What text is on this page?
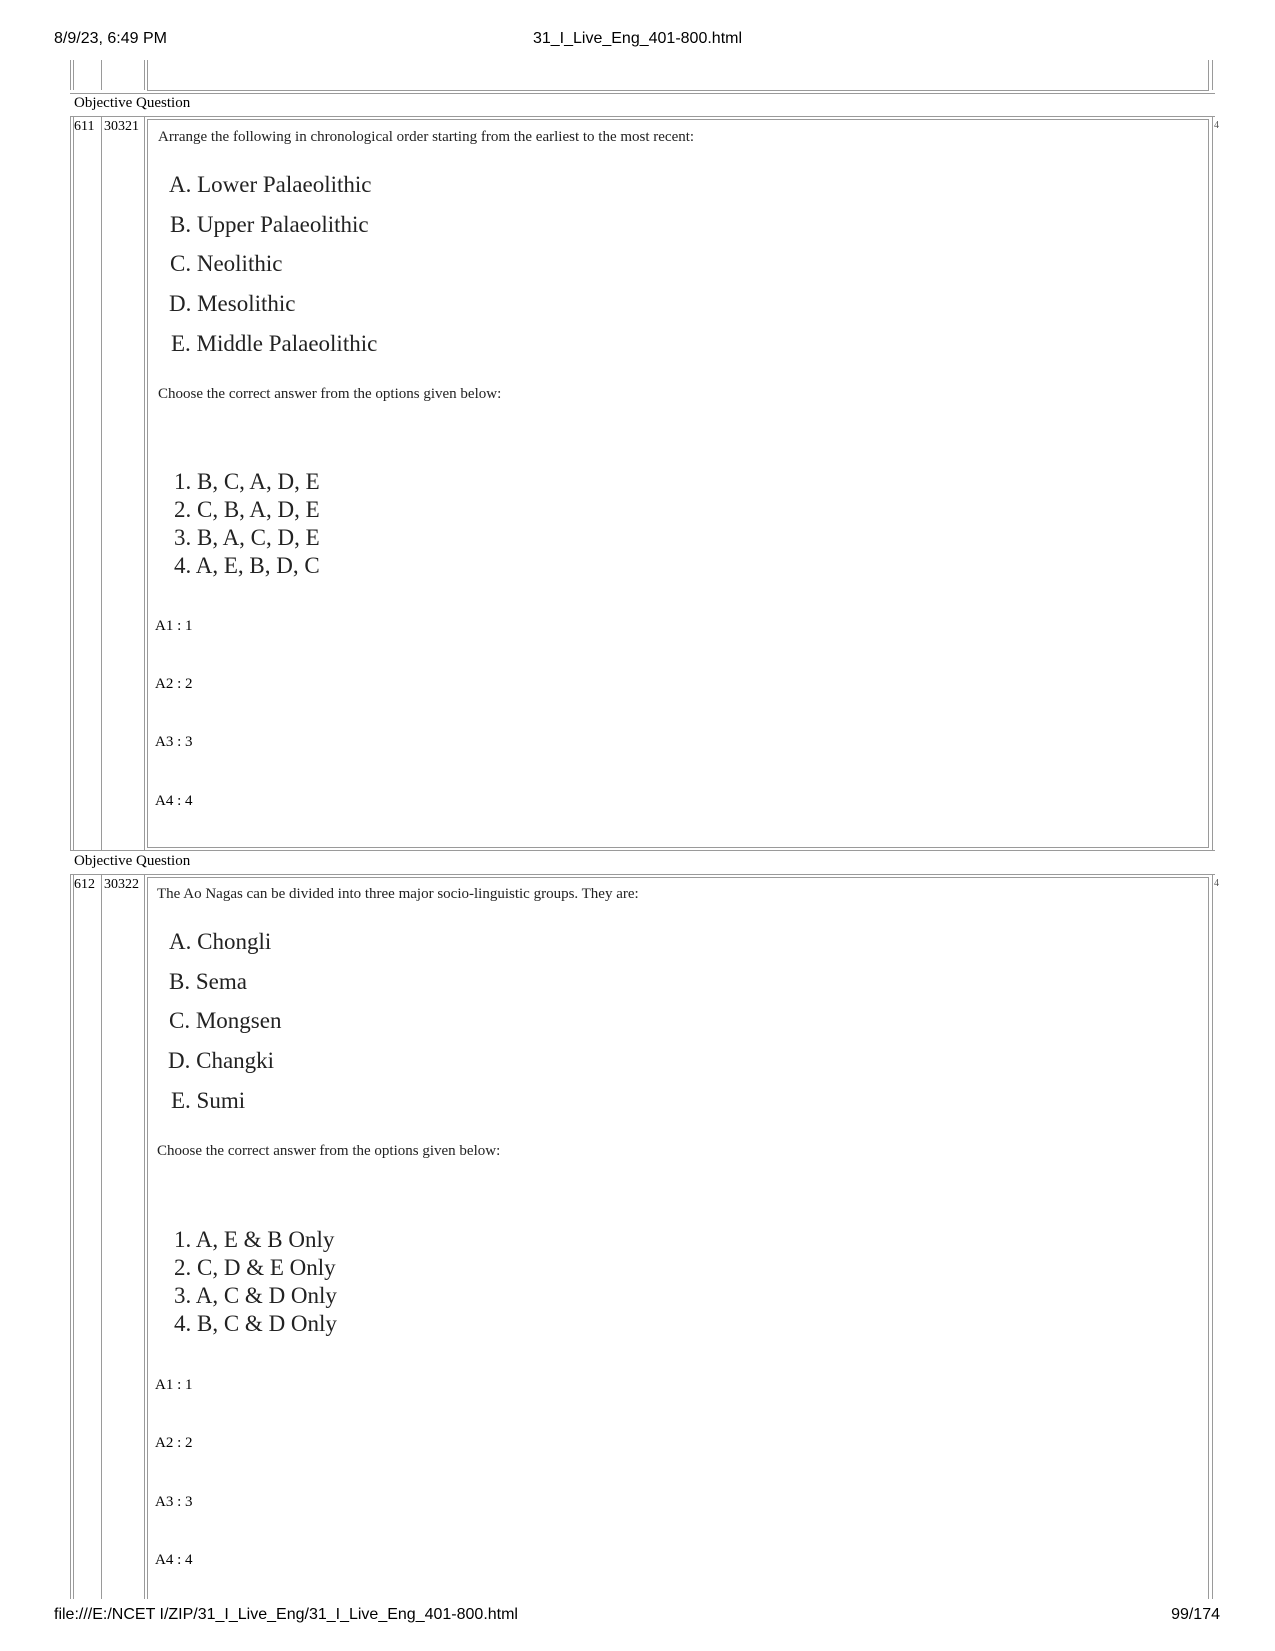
8/9/23, 6:49 PM	31_I_Live_Eng_401-800.html
Objective Question
611 30321	4
Arrange the following in chronological order starting from the earliest to the most recent:
A. Lower Palaeolithic
B. Upper Palaeolithic
C. Neolithic
D. Mesolithic
E. Middle Palaeolithic
Choose the correct answer from the options given below:
1. B, C, A, D, E
2. C, B, A, D, E
3. B, A, C, D, E
4. A, E, B, D, C
A1 : 1
A2 : 2
A3 : 3
A4 : 4
Objective Question
612 30322	4
The Ao Nagas can be divided into three major socio-linguistic groups. They are:
A. Chongli
B. Sema
C. Mongsen
D. Changki
E. Sumi
Choose the correct answer from the options given below:
1. A, E & B Only
2. C, D & E Only
3. A, C & D Only
4. B, C & D Only
A1 : 1
A2 : 2
A3 : 3
A4 : 4
file:///E:/NCET I/ZIP/31_I_Live_Eng/31_I_Live_Eng_401-800.html	99/174
